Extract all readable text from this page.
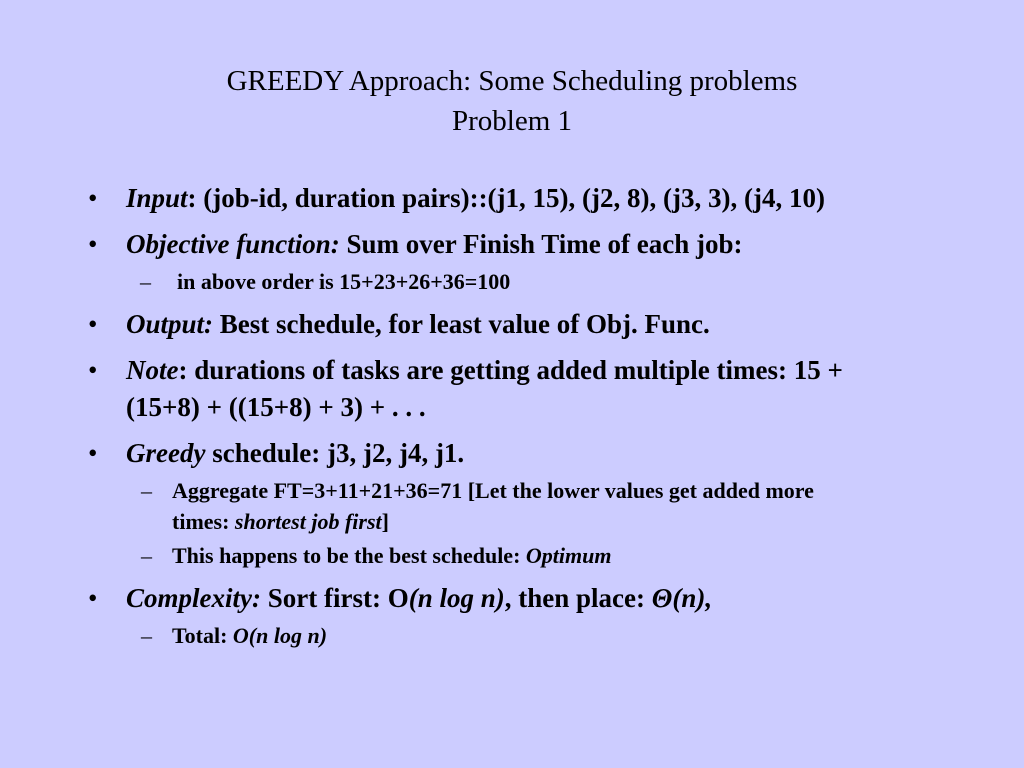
GREEDY Approach: Some Scheduling problems
Problem 1
• Input: (job-id, duration pairs)::(j1, 15), (j2, 8), (j3, 3), (j4, 10)
• Objective function: Sum over Finish Time of each job:
– in above order is 15+23+26+36=100
• Output: Best schedule, for least value of Obj. Func.
• Note: durations of tasks are getting added multiple times: 15 + (15+8) + ((15+8) + 3) + . . .
• Greedy schedule: j3, j2, j4, j1.
– Aggregate FT=3+11+21+36=71 [Let the lower values get added more times: shortest job first]
– This happens to be the best schedule: Optimum
• Complexity: Sort first: O(n log n), then place: Θ(n),
– Total: O(n log n)
